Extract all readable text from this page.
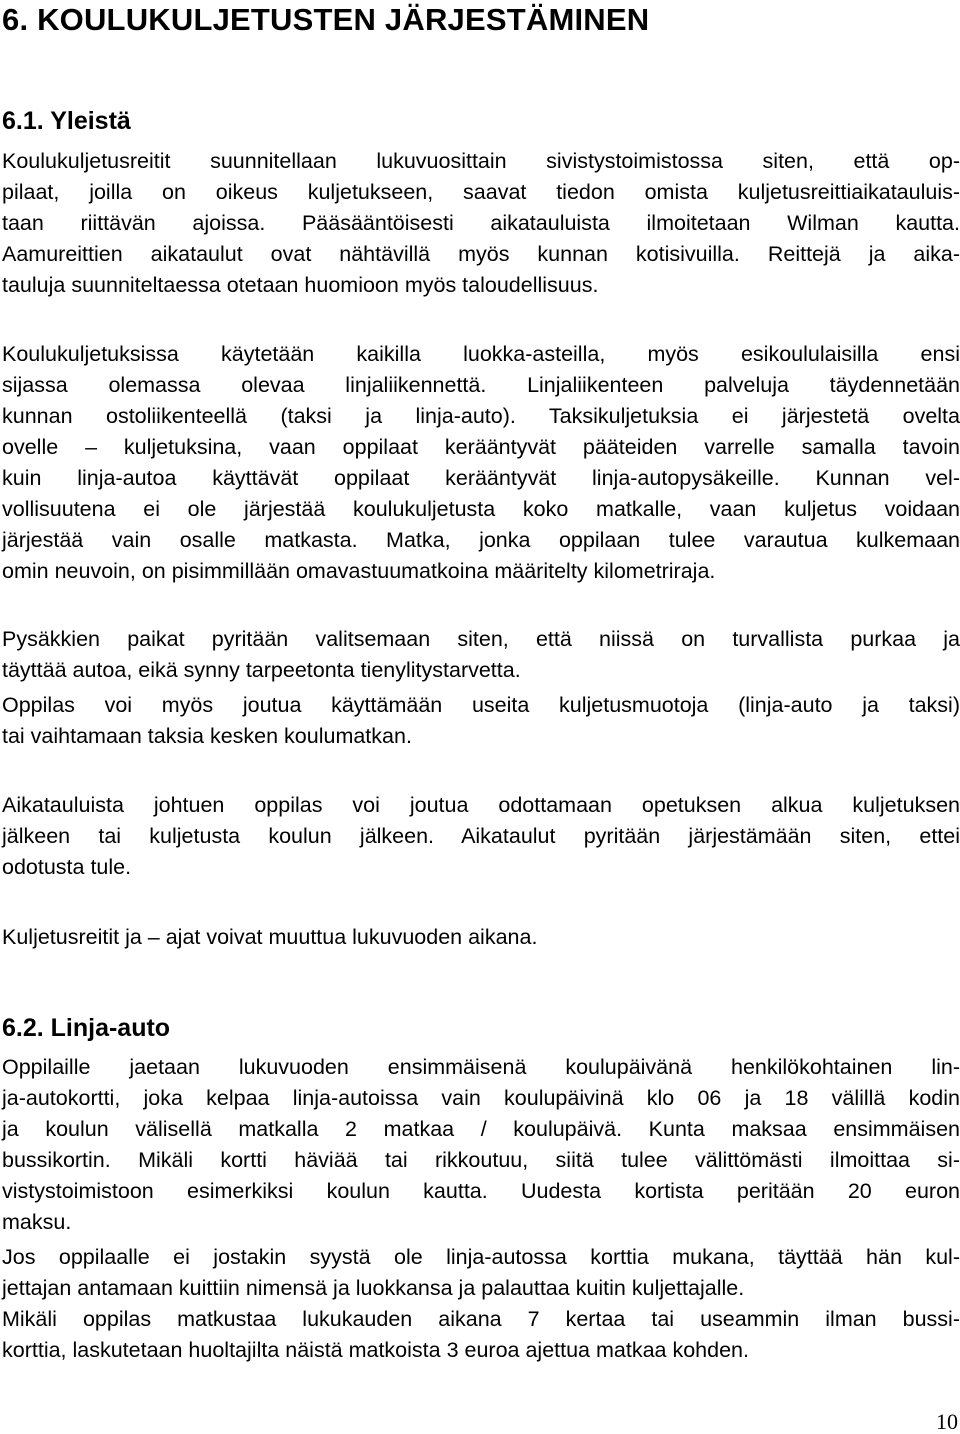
6. KOULUKULJETUSTEN JÄRJESTÄMINEN
6.1. Yleistä
Koulukuljetusreitit suunnitellaan lukuvuosittain sivistystoimistossa siten, että op-
pilaat, joilla on oikeus kuljetukseen, saavat tiedon omista kuljetusreittiaikatauluis-
taan riittävän ajoissa. Pääsääntöisesti aikatauluista ilmoitetaan Wilman kautta.
Aamureittien aikataulut ovat nähtävillä myös kunnan kotisivuilla. Reittejä ja aika-
tauluja suunniteltaessa otetaan huomioon myös taloudellisuus.
Koulukuljetuksissa käytetään kaikilla luokka-asteilla, myös esikoululaisilla ensi
sijassa olemassa olevaa linjaliikennettä. Linjaliikenteen palveluja täydennetään
kunnan ostoliikenteellä (taksi ja linja-auto). Taksikuljetuksia ei järjestetä ovelta
ovelle – kuljetuksina, vaan oppilaat kerääntyvät pääteiden varrelle samalla tavoin
kuin linja-autoa käyttävät oppilaat kerääntyvät linja-autopysäkeille. Kunnan vel-
vollisuutena ei ole järjestää koulukuljetusta koko matkalle, vaan kuljetus voidaan
järjestää vain osalle matkasta. Matka, jonka oppilaan tulee varautua kulkemaan
omin neuvoin, on pisimmillään omavastuumatkoina määritelty kilometriraja.
Pysäkkien paikat pyritään valitsemaan siten, että niissä on turvallista purkaa ja
täyttää autoa, eikä synny tarpeetonta tienylitystarvetta.
Oppilas voi myös joutua käyttämään useita kuljetusmuotoja (linja-auto ja taksi)
tai vaihtamaan taksia kesken koulumatkan.
Aikatauluista johtuen oppilas voi joutua odottamaan opetuksen alkua kuljetuksen
jälkeen tai kuljetusta koulun jälkeen. Aikataulut pyritään järjestämään siten, ettei
odotusta tule.
Kuljetusreitit ja – ajat voivat muuttua lukuvuoden aikana.
6.2. Linja-auto
Oppilaille jaetaan lukuvuoden ensimmäisenä koulupäivänä henkilökohtainen lin-
ja-autokortti, joka kelpaa linja-autoissa vain koulupäivinä klo 06 ja 18 välillä kodin
ja koulun välisellä matkalla 2 matkaa / koulupäivä. Kunta maksaa ensimmäisen
bussikortin. Mikäli kortti häviää tai rikkoutuu, siitä tulee välittömästi ilmoittaa si-
vistystoimistoon esimerkiksi koulun kautta. Uudesta kortista peritään 20 euron
maksu.
Jos oppilaalle ei jostakin syystä ole linja-autossa korttia mukana, täyttää hän kul-
jettajan antamaan kuittiin nimensä ja luokkansa ja palauttaa kuitin kuljettajalle.
Mikäli oppilas matkustaa lukukauden aikana 7 kertaa tai useammin ilman bussi-
korttia, laskutetaan huoltajilta näistä matkoista 3 euroa ajettua matkaa kohden.
10
